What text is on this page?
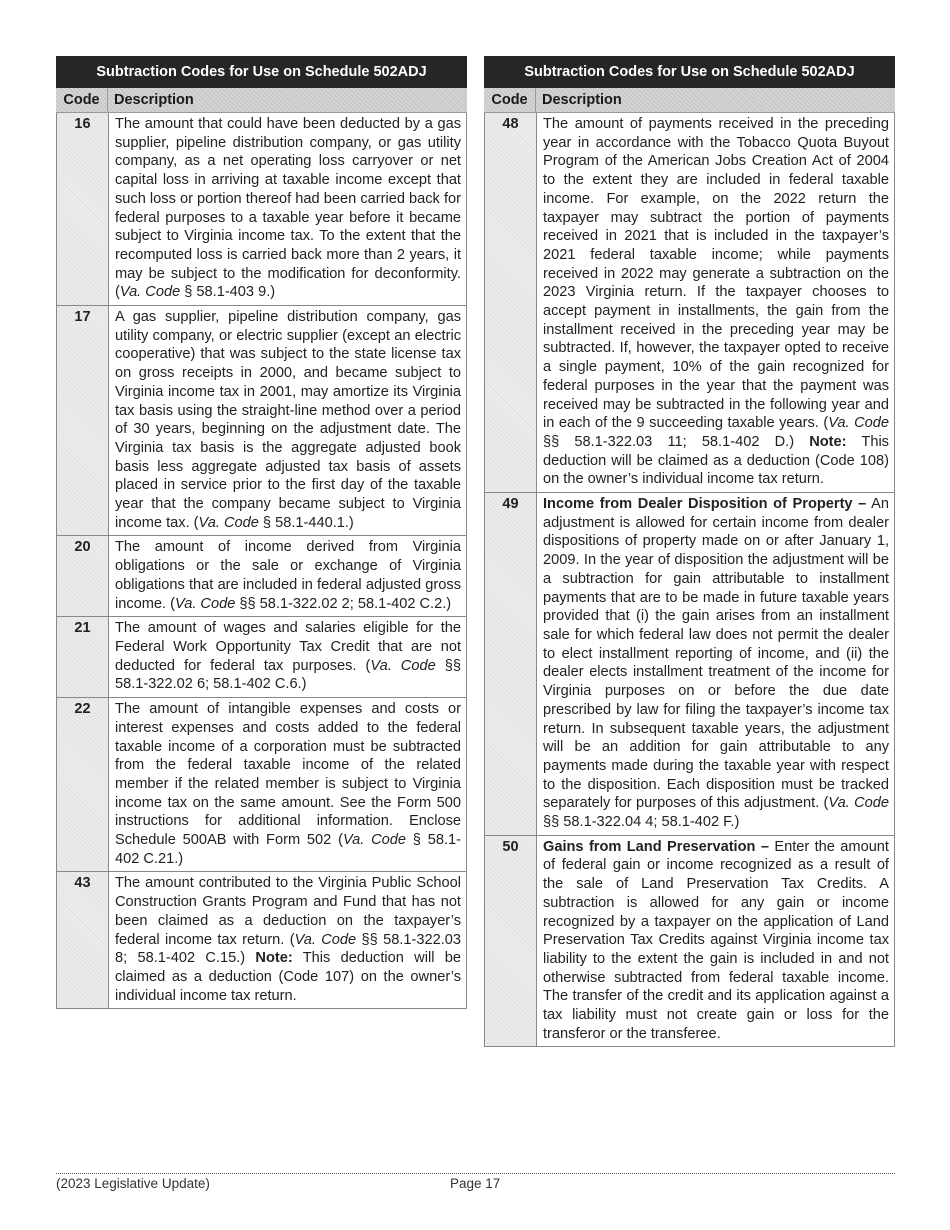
Subtraction Codes for Use on Schedule 502ADJ
Code Description
16	The amount that could have been deducted by a gas supplier, pipeline distribution company, or gas utility company, as a net operating loss carryover or net capital loss in arriving at taxable income except that such loss or portion thereof had been carried back for federal purposes to a taxable year before it became subject to Virginia income tax. To the extent that the recomputed loss is carried back more than 2 years, it may be subject to the modification for deconformity. (Va. Code § 58.1-403 9.)
17	A gas supplier, pipeline distribution company, gas utility company, or electric supplier (except an electric cooperative) that was subject to the state license tax on gross receipts in 2000, and became subject to Virginia income tax in 2001, may amortize its Virginia tax basis using the straight-line method over a period of 30 years, beginning on the adjustment date. The Virginia tax basis is the aggregate adjusted book basis less aggregate adjusted tax basis of assets placed in service prior to the first day of the taxable year that the company became subject to Virginia income tax. (Va. Code § 58.1-440.1.)
20	The amount of income derived from Virginia obligations or the sale or exchange of Virginia obligations that are included in federal adjusted gross income. (Va. Code §§ 58.1-322.02 2; 58.1-402 C.2.)
21	The amount of wages and salaries eligible for the Federal Work Opportunity Tax Credit that are not deducted for federal tax purposes. (Va. Code §§ 58.1-322.02 6; 58.1-402 C.6.)
22	The amount of intangible expenses and costs or interest expenses and costs added to the federal taxable income of a corporation must be subtracted from the federal taxable income of the related member if the related member is subject to Virginia income tax on the same amount. See the Form 500 instructions for additional information. Enclose Schedule 500AB with Form 502 (Va. Code § 58.1-402 C.21.)
43	The amount contributed to the Virginia Public School Construction Grants Program and Fund that has not been claimed as a deduction on the taxpayer’s federal income tax return. (Va. Code §§ 58.1-322.03 8; 58.1-402 C.15.) Note: This deduction will be claimed as a deduction (Code 107) on the owner’s individual income tax return.
Subtraction Codes for Use on Schedule 502ADJ
Code Description
48	The amount of payments received in the preceding year in accordance with the Tobacco Quota Buyout Program of the American Jobs Creation Act of 2004 to the extent they are included in federal taxable income. For example, on the 2022 return the taxpayer may subtract the portion of payments received in 2021 that is included in the taxpayer’s 2021 federal taxable income; while payments received in 2022 may generate a subtraction on the 2023 Virginia return. If the taxpayer chooses to accept payment in installments, the gain from the installment received in the preceding year may be subtracted. If, however, the taxpayer opted to receive a single payment, 10% of the gain recognized for federal purposes in the year that the payment was received may be subtracted in the following year and in each of the 9 succeeding taxable years. (Va. Code §§ 58.1-322.03 11; 58.1-402 D.) Note: This deduction will be claimed as a deduction (Code 108) on the owner’s individual income tax return.
49	Income from Dealer Disposition of Property – An adjustment is allowed for certain income from dealer dispositions of property made on or after January 1, 2009. In the year of disposition the adjustment will be a subtraction for gain attributable to installment payments that are to be made in future taxable years provided that (i) the gain arises from an installment sale for which federal law does not permit the dealer to elect installment reporting of income, and (ii) the dealer elects installment treatment of the income for Virginia purposes on or before the due date prescribed by law for filing the taxpayer’s income tax return. In subsequent taxable years, the adjustment will be an addition for gain attributable to any payments made during the taxable year with respect to the disposition. Each disposition must be tracked separately for purposes of this adjustment. (Va. Code §§ 58.1-322.04 4; 58.1-402 F.)
50	Gains from Land Preservation – Enter the amount of federal gain or income recognized as a result of the sale of Land Preservation Tax Credits. A subtraction is allowed for any gain or income recognized by a taxpayer on the application of Land Preservation Tax Credits against Virginia income tax liability to the extent the gain is included in and not otherwise subtracted from federal taxable income. The transfer of the credit and its application against a tax liability must not create gain or loss for the transferor or the transferee.
(2023 Legislative Update)	Page 17
